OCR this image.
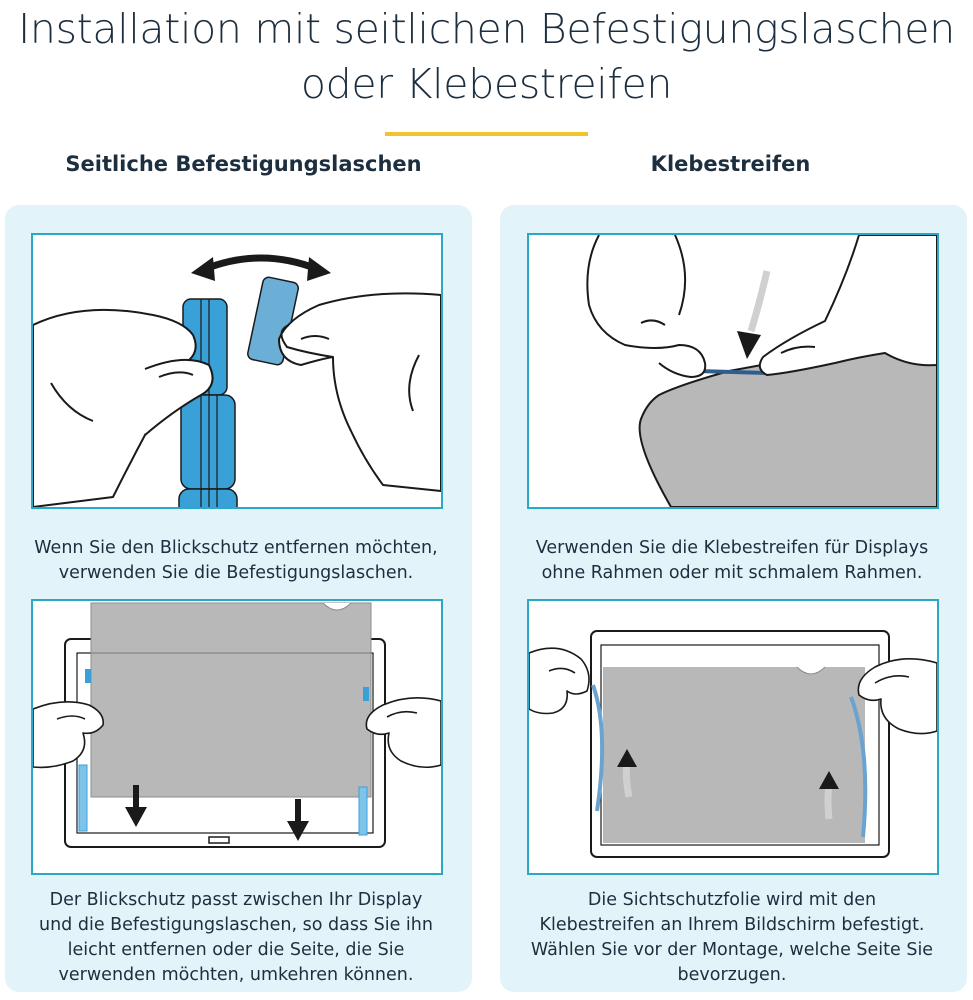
Installation mit seitlichen Befestigungslaschen
oder Klebestreifen
Seitliche Befestigungslaschen	Klebestreifen
Wenn Sie den Blickschutz entfernen möchten,
verwenden Sie die Befestigungslaschen.
Der Blickschutz passt zwischen Ihr Display
und die Befestigungslaschen, so dass Sie ihn
leicht entfernen oder die Seite, die Sie
verwenden möchten, umkehren können.
Verwenden Sie die Klebestreifen für Displays
ohne Rahmen oder mit schmalem Rahmen.
Die Sichtschutzfolie wird mit den
Klebestreifen an Ihrem Bildschirm befestigt.
Wählen Sie vor der Montage, welche Seite Sie
bevorzugen.
